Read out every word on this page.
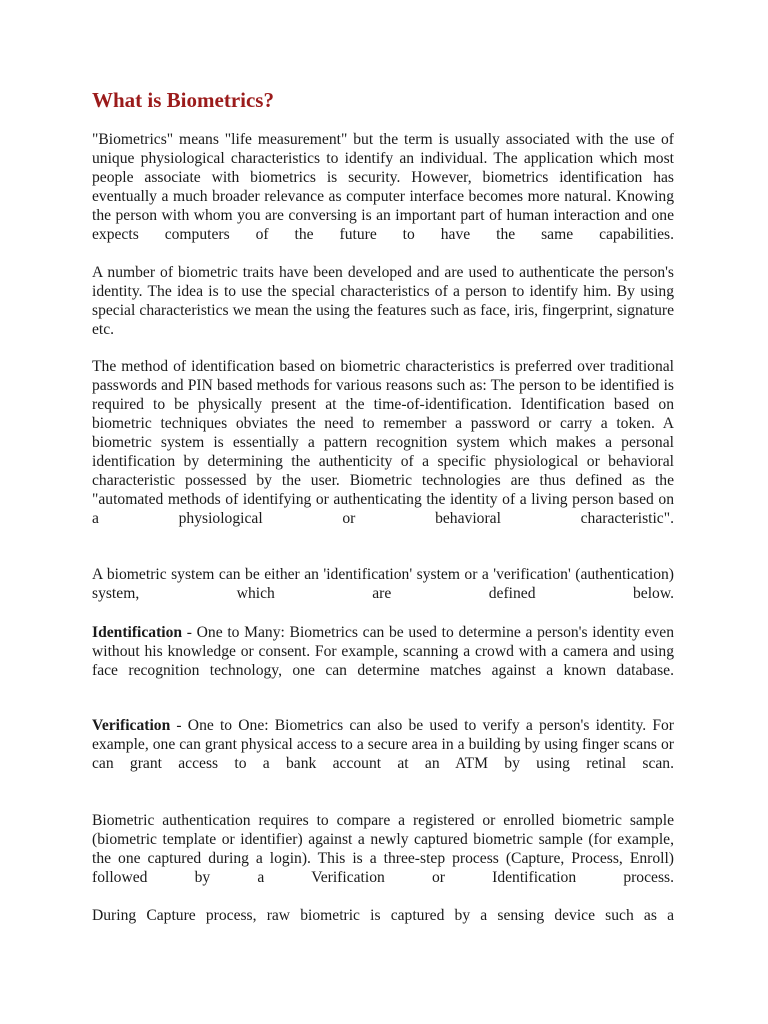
What is Biometrics?

"Biometrics" means "life measurement" but the term is usually associated with the use of unique physiological characteristics to identify an individual. The application which most people associate with biometrics is security. However, biometrics identification has eventually a much broader relevance as computer interface becomes more natural. Knowing the person with whom you are conversing is an important part of human interaction and one expects computers of the future to have the same capabilities.

A number of biometric traits have been developed and are used to authenticate the person's identity. The idea is to use the special characteristics of a person to identify him. By using special characteristics we mean the using the features such as face, iris, fingerprint, signature etc.

The method of identification based on biometric characteristics is preferred over traditional passwords and PIN based methods for various reasons such as: The person to be identified is required to be physically present at the time-of-identification. Identification based on biometric techniques obviates the need to remember a password or carry a token. A biometric system is essentially a pattern recognition system which makes a personal identification by determining the authenticity of a specific physiological or behavioral characteristic possessed by the user. Biometric technologies are thus defined as the "automated methods of identifying or authenticating the identity of a living person based on a physiological or behavioral characteristic".

A biometric system can be either an 'identification' system or a 'verification' (authentication) system, which are defined below.

Identification - One to Many: Biometrics can be used to determine a person's identity even without his knowledge or consent. For example, scanning a crowd with a camera and using face recognition technology, one can determine matches against a known database.

Verification - One to One: Biometrics can also be used to verify a person's identity. For example, one can grant physical access to a secure area in a building by using finger scans or can grant access to a bank account at an ATM by using retinal scan.

Biometric authentication requires to compare a registered or enrolled biometric sample (biometric template or identifier) against a newly captured biometric sample (for example, the one captured during a login). This is a three-step process (Capture, Process, Enroll) followed by a Verification or Identification process.

During Capture process, raw biometric is captured by a sensing device such as a
